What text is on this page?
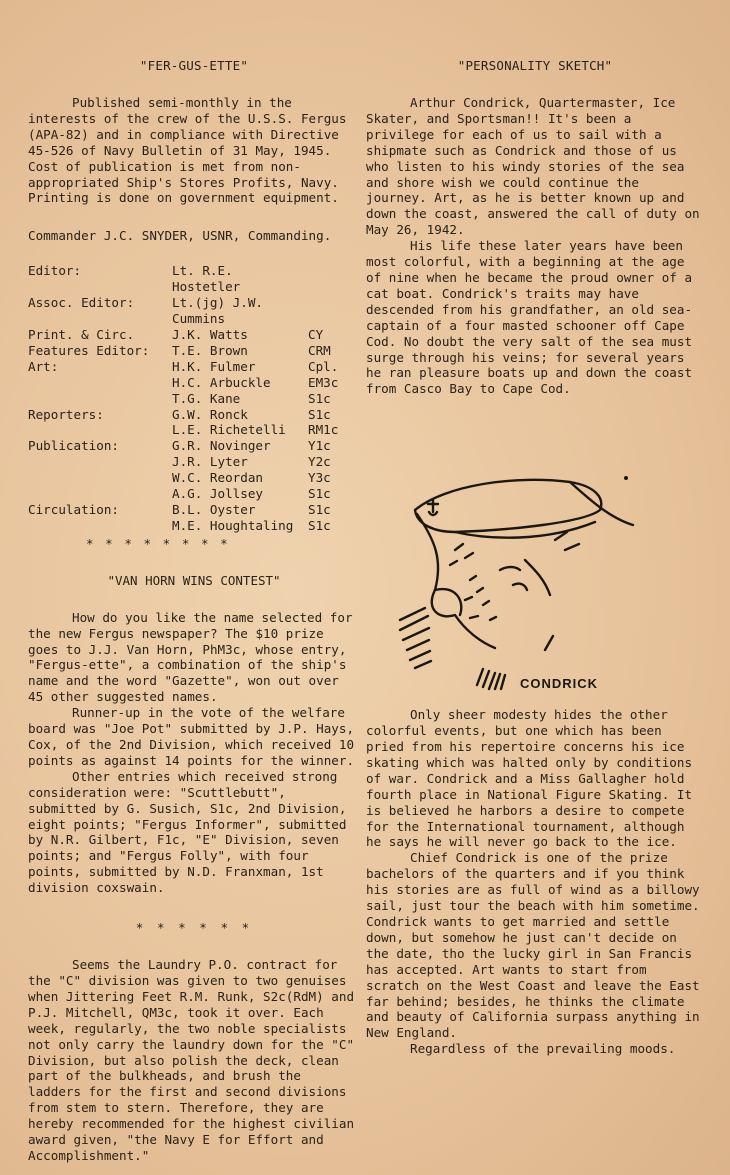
"FER-GUS-ETTE"

Published semi-monthly in the interests of the crew of the U.S.S. Fergus (APA-82) and in compliance with Directive 45-526 of Navy Bulletin of 31 May, 1945. Cost of publication is met from non-appropriated Ship's Stores Profits, Navy. Printing is done on government equipment.

Commander J.C. SNYDER, USNR, Commanding.
Editor:	Lt. R.E. Hostetler	
Assoc. Editor:	Lt.(jg) J.W. Cummins	
Print. & Circ.	J.K. Watts	CY
Features Editor:	T.E. Brown	CRM
Art:	H.K. Fulmer	Cpl.
	H.C. Arbuckle	EM3c
	T.G. Kane	S1c
Reporters:	G.W. Ronck	S1c
	L.E. Richetelli	RM1c
Publication:	G.R. Novinger	Y1c
	J.R. Lyter	Y2c
	W.C. Reordan	Y3c
	A.G. Jollsey	S1c
Circulation:	B.L. Oyster	S1c
	M.E. Houghtaling	S1c
* * * * * * * *
"VAN HORN WINS CONTEST"

How do you like the name selected for the new Fergus newspaper? The $10 prize goes to J.J. Van Horn, PhM3c, whose entry, "Fergus-ette", a combination of the ship's name and the word "Gazette", won out over 45 other suggested names.

Runner-up in the vote of the welfare board was "Joe Pot" submitted by J.P. Hays, Cox, of the 2nd Division, which received 10 points as against 14 points for the winner.

Other entries which received strong consideration were: "Scuttlebutt", submitted by G. Susich, S1c, 2nd Division, eight points; "Fergus Informer", submitted by N.R. Gilbert, F1c, "E" Division, seven points; and "Fergus Folly", with four points, submitted by N.D. Franxman, 1st division coxswain.

* * * * * *

Seems the Laundry P.O. contract for the "C" division was given to two genuises when Jittering Feet R.M. Runk, S2c(RdM) and P.J. Mitchell, QM3c, took it over. Each week, regularly, the two noble specialists not only carry the laundry down for the "C" Division, but also polish the deck, clean part of the bulkheads, and brush the ladders for the first and second divisions from stem to stern. Therefore, they are hereby recommended for the highest civilian award given, "the Navy E for Effort and Accomplishment."

"PERSONALITY SKETCH"

Arthur Condrick, Quartermaster, Ice Skater, and Sportsman!! It's been a privilege for each of us to sail with a shipmate such as Condrick and those of us who listen to his windy stories of the sea and shore wish we could continue the journey. Art, as he is better known up and down the coast, answered the call of duty on May 26, 1942.

His life these later years have been most colorful, with a beginning at the age of nine when he became the proud owner of a cat boat. Condrick's traits may have descended from his grandfather, an old sea-captain of a four masted schooner off Cape Cod. No doubt the very salt of the sea must surge through his veins; for several years he ran pleasure boats up and down the coast from Casco Bay to Cape Cod.

Only sheer modesty hides the other colorful events, but one which has been pried from his repertoire concerns his ice skating which was halted only by conditions of war. Condrick and a Miss Gallagher hold fourth place in National Figure Skating. It is believed he harbors a desire to compete for the International tournament, although he says he will never go back to the ice.

Chief Condrick is one of the prize bachelors of the quarters and if you think his stories are as full of wind as a billowy sail, just tour the beach with him sometime. Condrick wants to get married and settle down, but somehow he just can't decide on the date, tho the lucky girl in San Francis has accepted. Art wants to start from scratch on the West Coast and leave the East far behind; besides, he thinks the climate and beauty of California surpass anything in New England.

Regardless of the prevailing moods.

CONDRICK
